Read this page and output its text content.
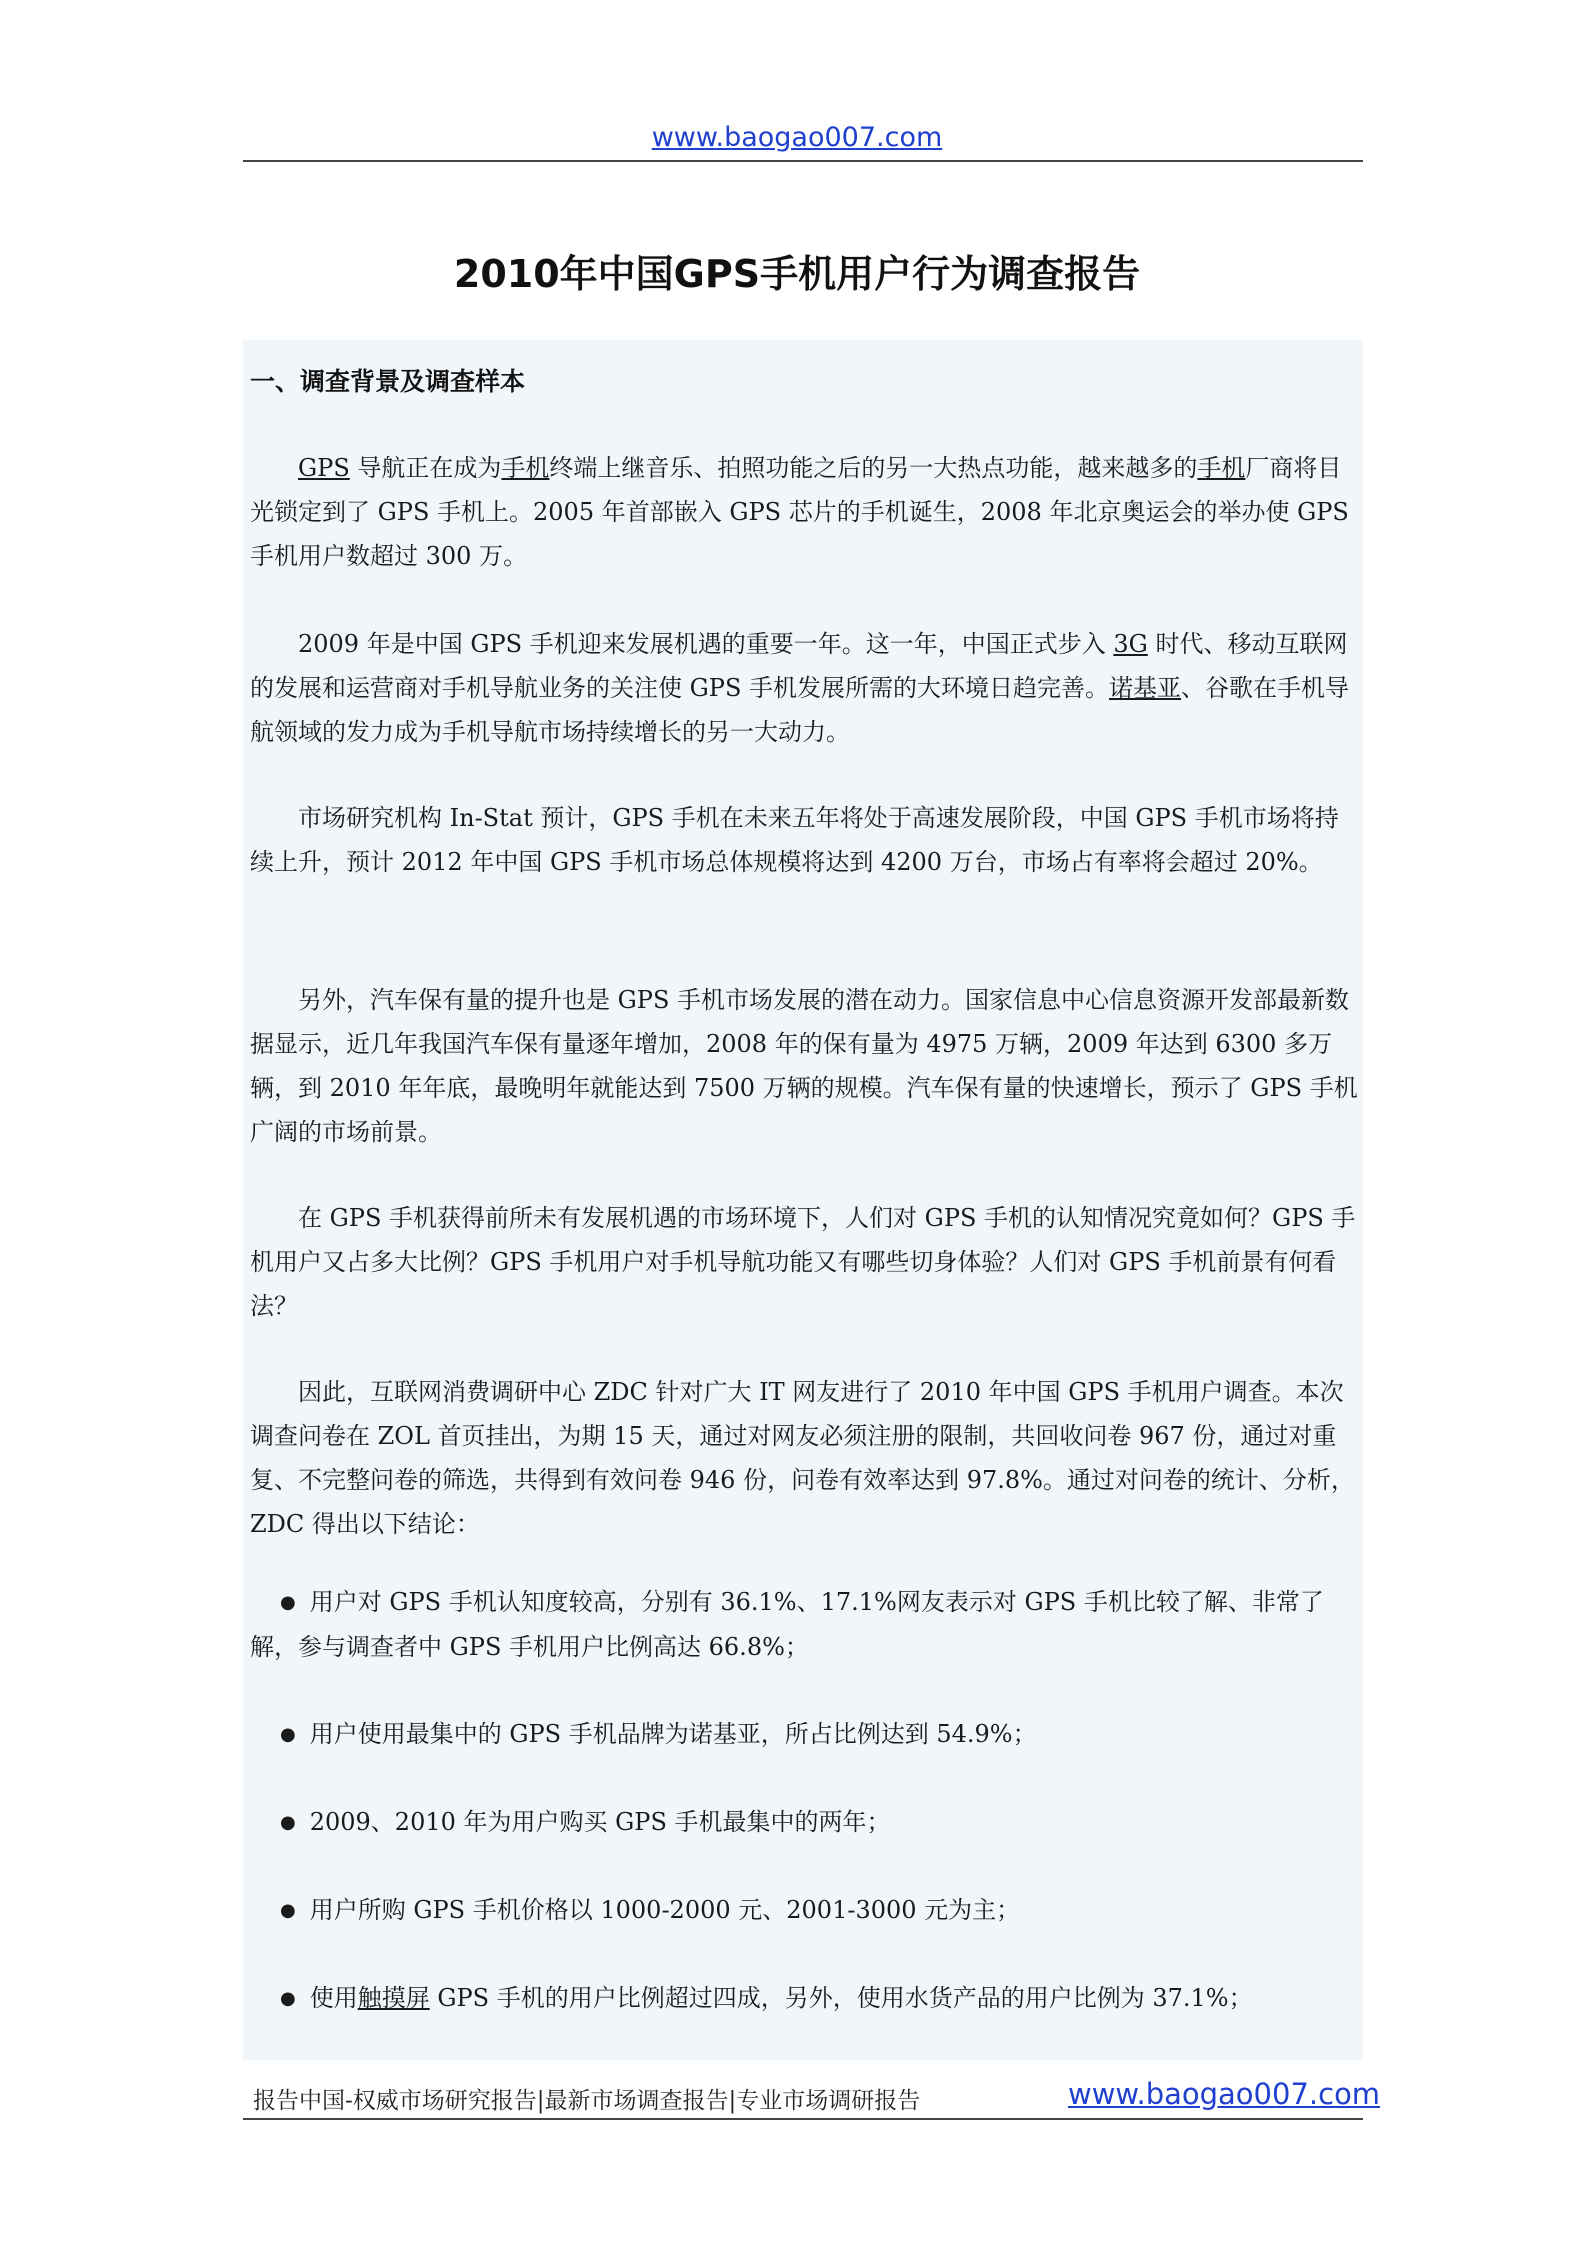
www.baogao007.com
2010年中国GPS手机用户行为调查报告
一、调查背景及调查样本

GPS 导航正在成为手机终端上继音乐、拍照功能之后的另一大热点功能，越来越多的手机厂商将目光锁定到了 GPS 手机上。2005 年首部嵌入 GPS 芯片的手机诞生，2008 年北京奥运会的举办使 GPS 手机用户数超过 300 万。

2009 年是中国 GPS 手机迎来发展机遇的重要一年。这一年，中国正式步入 3G 时代、移动互联网的发展和运营商对手机导航业务的关注使 GPS 手机发展所需的大环境日趋完善。诺基亚、谷歌在手机导航领域的发力成为手机导航市场持续增长的另一大动力。

市场研究机构 In-Stat 预计，GPS 手机在未来五年将处于高速发展阶段，中国 GPS 手机市场将持续上升，预计 2012 年中国 GPS 手机市场总体规模将达到 4200 万台，市场占有率将会超过 20%。

另外，汽车保有量的提升也是 GPS 手机市场发展的潜在动力。国家信息中心信息资源开发部最新数据显示，近几年我国汽车保有量逐年增加，2008 年的保有量为 4975 万辆，2009 年达到 6300 多万辆，到 2010 年年底，最晚明年就能达到 7500 万辆的规模。汽车保有量的快速增长，预示了 GPS 手机广阔的市场前景。

在 GPS 手机获得前所未有发展机遇的市场环境下，人们对 GPS 手机的认知情况究竟如何？GPS 手机用户又占多大比例？GPS 手机用户对手机导航功能又有哪些切身体验？人们对 GPS 手机前景有何看法？

因此，互联网消费调研中心 ZDC 针对广大 IT 网友进行了 2010 年中国 GPS 手机用户调查。本次调查问卷在 ZOL 首页挂出，为期 15 天，通过对网友必须注册的限制，共回收问卷 967 份，通过对重复、不完整问卷的筛选，共得到有效问卷 946 份，问卷有效率达到 97.8%。通过对问卷的统计、分析，ZDC 得出以下结论：

● 用户对 GPS 手机认知度较高，分别有 36.1%、17.1%网友表示对 GPS 手机比较了解、非常了解，参与调查者中 GPS 手机用户比例高达 66.8%；
● 用户使用最集中的 GPS 手机品牌为诺基亚，所占比例达到 54.9%；
● 2009、2010 年为用户购买 GPS 手机最集中的两年；
● 用户所购 GPS 手机价格以 1000-2000 元、2001-3000 元为主；
● 使用触摸屏 GPS 手机的用户比例超过四成，另外，使用水货产品的用户比例为 37.1%；
报告中国-权威市场研究报告|最新市场调查报告|专业市场调研报告	www.baogao007.com
